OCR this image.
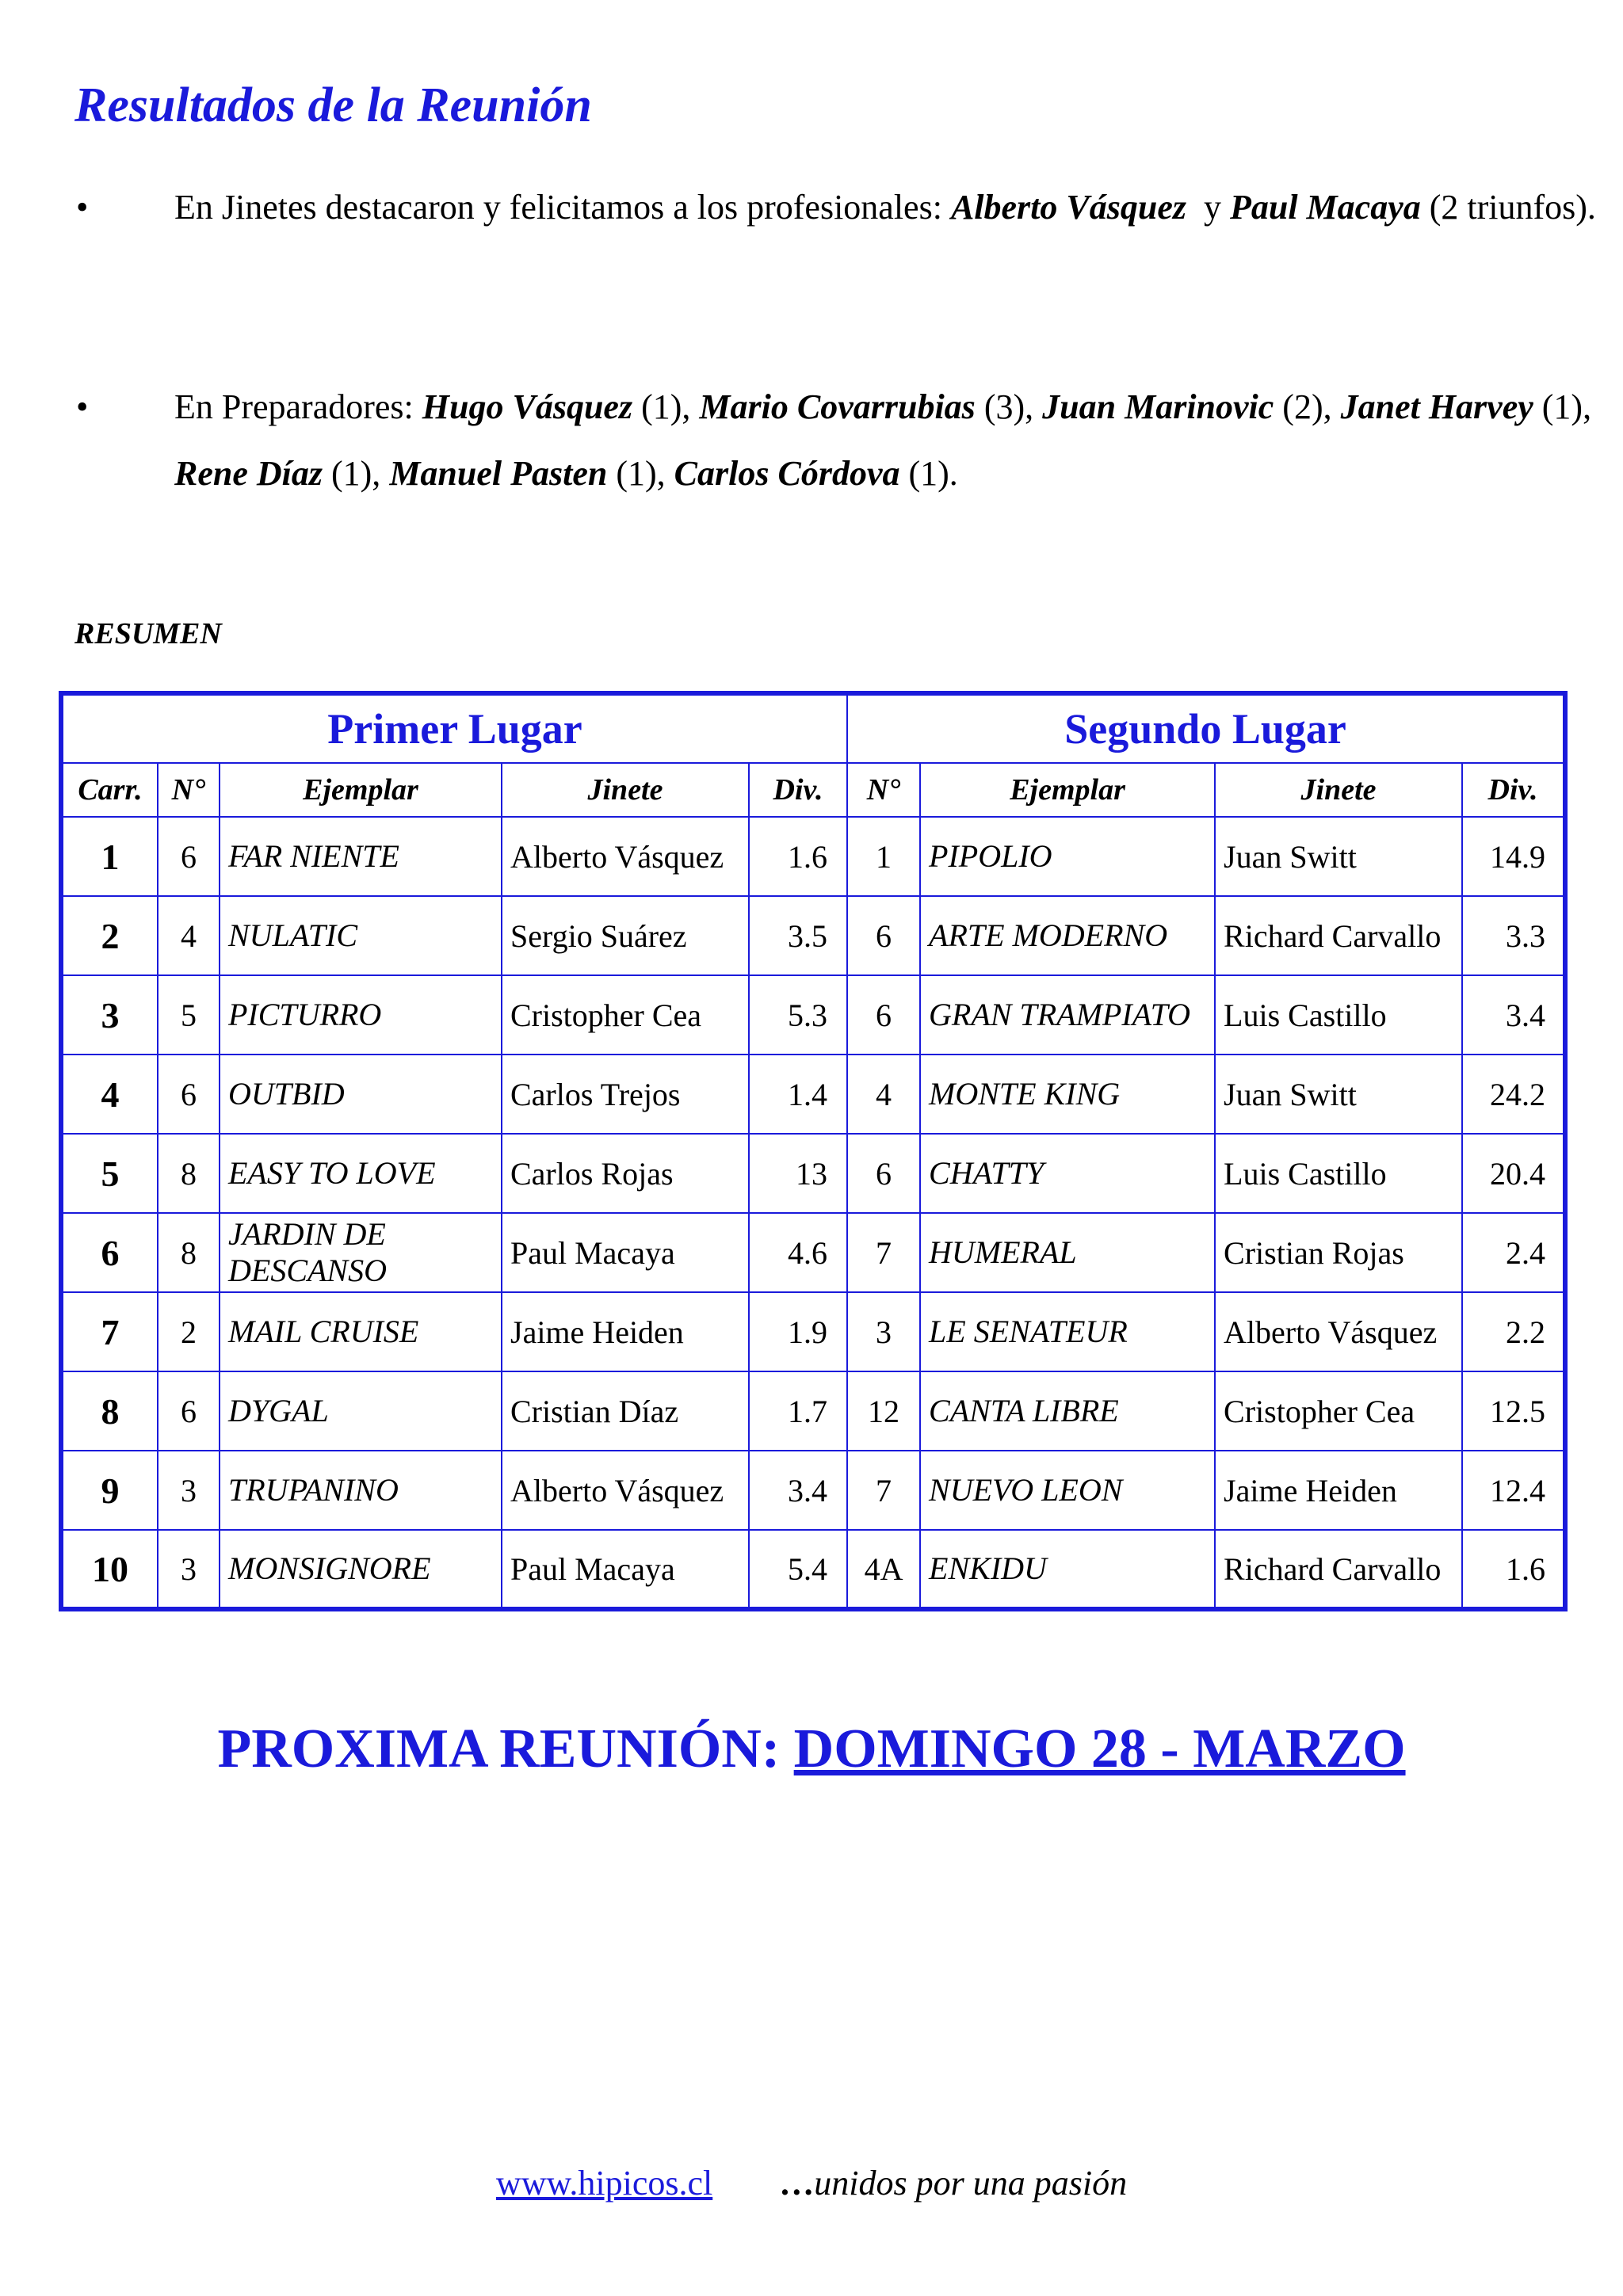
Resultados de la Reunión
•	En Jinetes destacaron y felicitamos a los profesionales: Alberto Vásquez  y Paul Macaya (2 triunfos).
•	En Preparadores: Hugo Vásquez (1), Mario Covarrubias (3), Juan Marinovic (2), Janet Harvey (1), Rene Díaz (1), Manuel Pasten (1), Carlos Córdova (1).
RESUMEN
Primer Lugar					Segundo Lugar			
Carr.	N°	Ejemplar	Jinete	Div.	N°	Ejemplar	Jinete	Div.
1	6	FAR NIENTE	Alberto Vásquez	1.6	1	PIPOLIO	Juan Switt	14.9
2	4	NULATIC	Sergio Suárez	3.5	6	ARTE MODERNO	Richard Carvallo	3.3
3	5	PICTURRO	Cristopher Cea	5.3	6	GRAN TRAMPIATO	Luis Castillo	3.4
4	6	OUTBID	Carlos Trejos	1.4	4	MONTE KING	Juan Switt	24.2
5	8	EASY TO LOVE	Carlos Rojas	13	6	CHATTY	Luis Castillo	20.4
6	8	JARDIN DE DESCANSO	Paul Macaya	4.6	7	HUMERAL	Cristian Rojas	2.4
7	2	MAIL CRUISE	Jaime Heiden	1.9	3	LE SENATEUR	Alberto Vásquez	2.2
8	6	DYGAL	Cristian Díaz	1.7	12	CANTA LIBRE	Cristopher Cea	12.5
9	3	TRUPANINO	Alberto Vásquez	3.4	7	NUEVO LEON	Jaime Heiden	12.4
10	3	MONSIGNORE	Paul Macaya	5.4	4A	ENKIDU	Richard Carvallo	1.6
PROXIMA REUNIÓN: DOMINGO 28 - MARZO
www.hipicos.cl …unidos por una pasión
